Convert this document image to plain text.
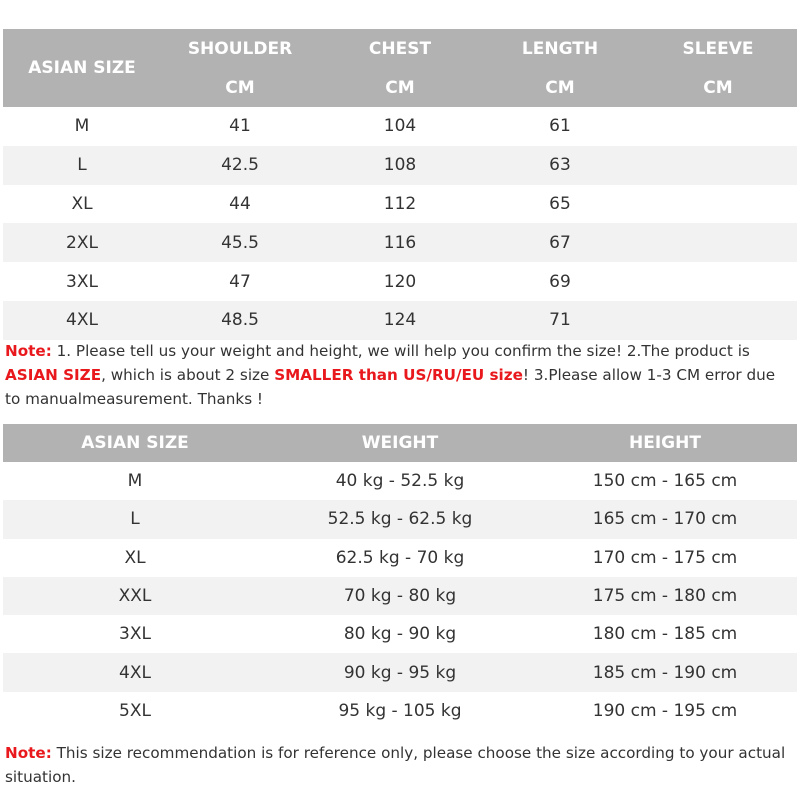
ASIAN SIZE
SHOULDER	CHEST	LENGTH	SLEEVE
CM	CM	CM	CM
M	41	104	61
L	42.5	108	63
XL	44	112	65
2XL	45.5	116	67
3XL	47	120	69
4XL	48.5	124	71
Note: 1. Please tell us your weight and height, we will help you confirm the size! 2.The product is ASIAN SIZE, which is about 2 size SMALLER than US/RU/EU size! 3.Please allow 1-3 CM error due to manualmeasurement. Thanks !
ASIAN SIZE	WEIGHT	HEIGHT
M	40 kg - 52.5 kg	150 cm - 165 cm
L	52.5 kg - 62.5 kg	165 cm - 170 cm
XL	62.5 kg - 70 kg	170 cm - 175 cm
XXL	70 kg - 80 kg	175 cm - 180 cm
3XL	80 kg - 90 kg	180 cm - 185 cm
4XL	90 kg - 95 kg	185 cm - 190 cm
5XL	95 kg - 105 kg	190 cm - 195 cm
Note: This size recommendation is for reference only, please choose the size according to your actual situation.
